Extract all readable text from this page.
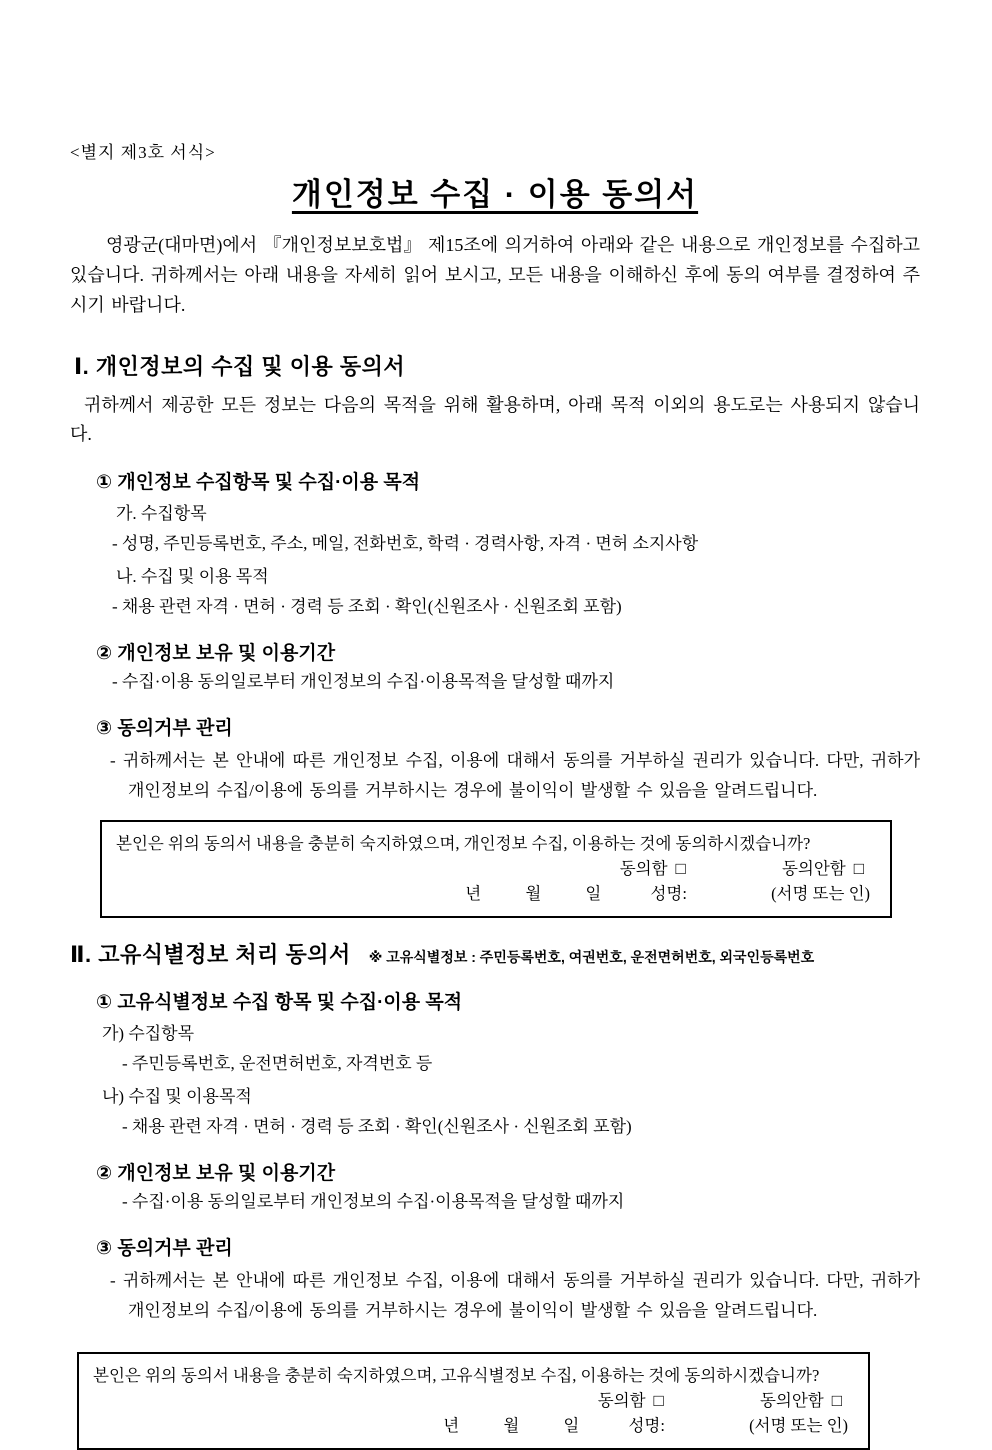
<별지 제3호 서식>
개인정보 수집 · 이용 동의서

영광군(대마면)에서 『개인정보보호법』 제15조에 의거하여 아래와 같은 내용으로 개인정보를 수집하고 있습니다. 귀하께서는 아래 내용을 자세히 읽어 보시고, 모든 내용을 이해하신 후에 동의 여부를 결정하여 주시기 바랍니다.

Ⅰ. 개인정보의 수집 및 이용 동의서

귀하께서 제공한 모든 정보는 다음의 목적을 위해 활용하며, 아래 목적 이외의 용도로는 사용되지 않습니다.

① 개인정보 수집항목 및 수집·이용 목적
가. 수집항목
- 성명, 주민등록번호, 주소, 메일, 전화번호, 학력 · 경력사항, 자격 · 면허 소지사항
나. 수집 및 이용 목적
- 채용 관련 자격 · 면허 · 경력 등 조회 · 확인(신원조사 · 신원조회 포함)
② 개인정보 보유 및 이용기간
- 수집·이용 동의일로부터 개인정보의 수집·이용목적을 달성할 때까지
③ 동의거부 관리

- 귀하께서는 본 안내에 따른 개인정보 수집, 이용에 대해서 동의를 거부하실 권리가 있습니다. 다만, 귀하가 개인정보의 수집/이용에 동의를 거부하시는 경우에 불이익이 발생할 수 있음을 알려드립니다.

본인은 위의 동의서 내용을 충분히 숙지하였으며, 개인정보 수집, 이용하는 것에 동의하시겠습니까?
동의함 □	동의안함 □
년	월	일	성명:	(서명 또는 인)
Ⅱ. 고유식별정보 처리 동의서 ※ 고유식별정보 : 주민등록번호, 여권번호, 운전면허번호, 외국인등록번호
① 고유식별정보 수집 항목 및 수집·이용 목적
가) 수집항목
- 주민등록번호, 운전면허번호, 자격번호 등
나) 수집 및 이용목적
- 채용 관련 자격 · 면허 · 경력 등 조회 · 확인(신원조사 · 신원조회 포함)
② 개인정보 보유 및 이용기간
- 수집·이용 동의일로부터 개인정보의 수집·이용목적을 달성할 때까지
③ 동의거부 관리

- 귀하께서는 본 안내에 따른 개인정보 수집, 이용에 대해서 동의를 거부하실 권리가 있습니다. 다만, 귀하가 개인정보의 수집/이용에 동의를 거부하시는 경우에 불이익이 발생할 수 있음을 알려드립니다.

본인은 위의 동의서 내용을 충분히 숙지하였으며, 고유식별정보 수집, 이용하는 것에 동의하시겠습니까?
동의함 □	동의안함 □
년	월	일	성명:	(서명 또는 인)
